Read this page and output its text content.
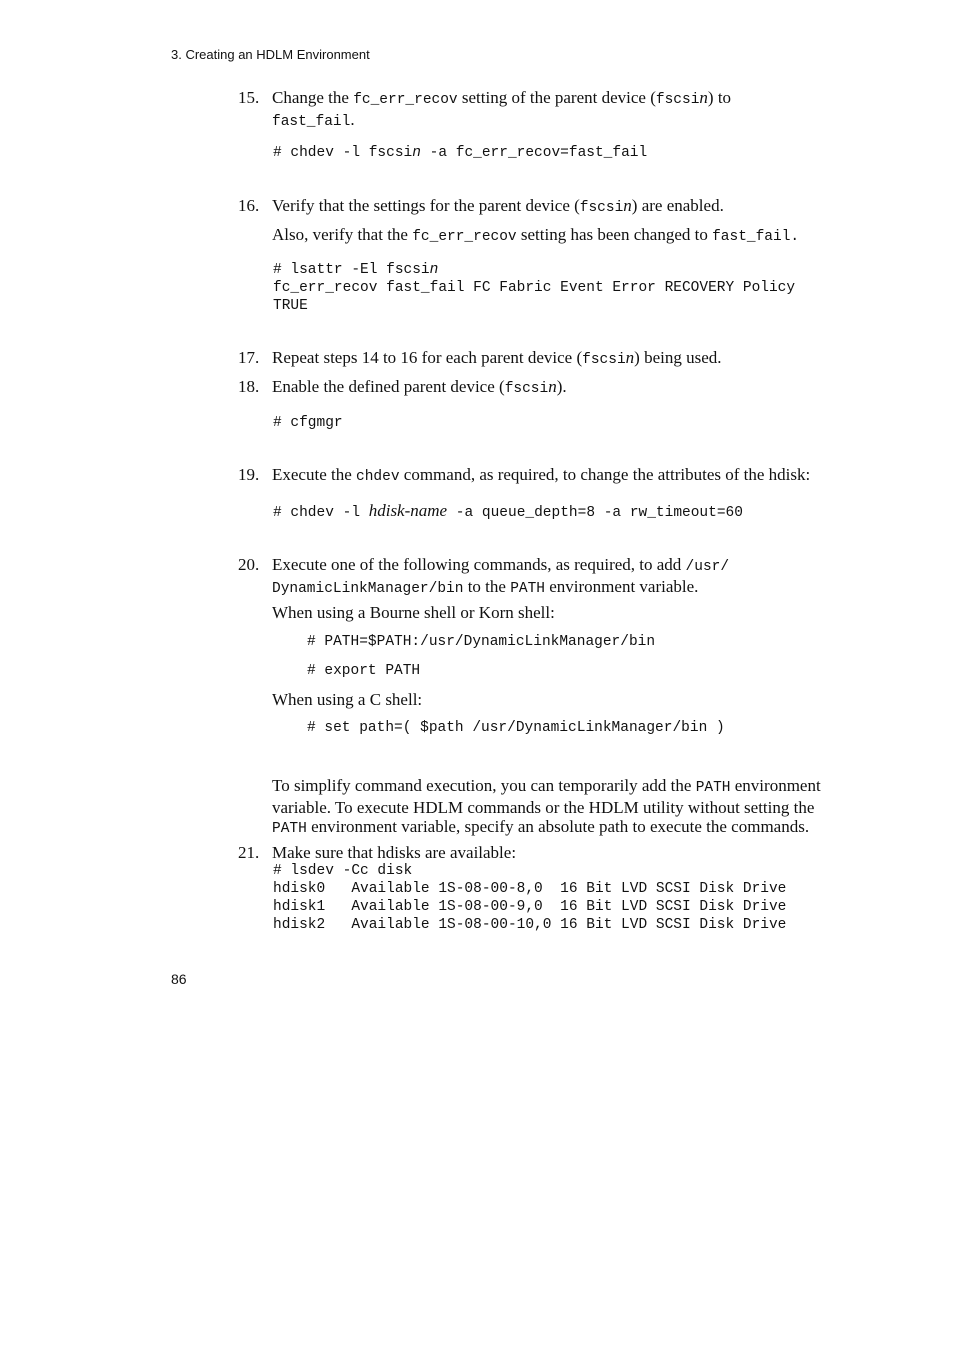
3. Creating an HDLM Environment
15. Change the fc_err_recov setting of the parent device (fscsin) to
fast_fail.
# chdev -l fscsin -a fc_err_recov=fast_fail
16. Verify that the settings for the parent device (fscsin) are enabled.
Also, verify that the fc_err_recov setting has been changed to fast_fail.
# lsattr -El fscsin
fc_err_recov fast_fail FC Fabric Event Error RECOVERY Policy
TRUE
17. Repeat steps 14 to 16 for each parent device (fscsin) being used.
18. Enable the defined parent device (fscsin).
# cfgmgr
19. Execute the chdev command, as required, to change the attributes of the hdisk:
# chdev -l hdisk-name -a queue_depth=8 -a rw_timeout=60
20. Execute one of the following commands, as required, to add /usr/
DynamicLinkManager/bin to the PATH environment variable.
When using a Bourne shell or Korn shell:
# PATH=$PATH:/usr/DynamicLinkManager/bin
# export PATH
When using a C shell:
# set path=( $path /usr/DynamicLinkManager/bin )
To simplify command execution, you can temporarily add the PATH environment
variable. To execute HDLM commands or the HDLM utility without setting the
PATH environment variable, specify an absolute path to execute the commands.
21. Make sure that hdisks are available:
# lsdev -Cc disk
hdisk0   Available 1S-08-00-8,0  16 Bit LVD SCSI Disk Drive
hdisk1   Available 1S-08-00-9,0  16 Bit LVD SCSI Disk Drive
hdisk2   Available 1S-08-00-10,0 16 Bit LVD SCSI Disk Drive
86
